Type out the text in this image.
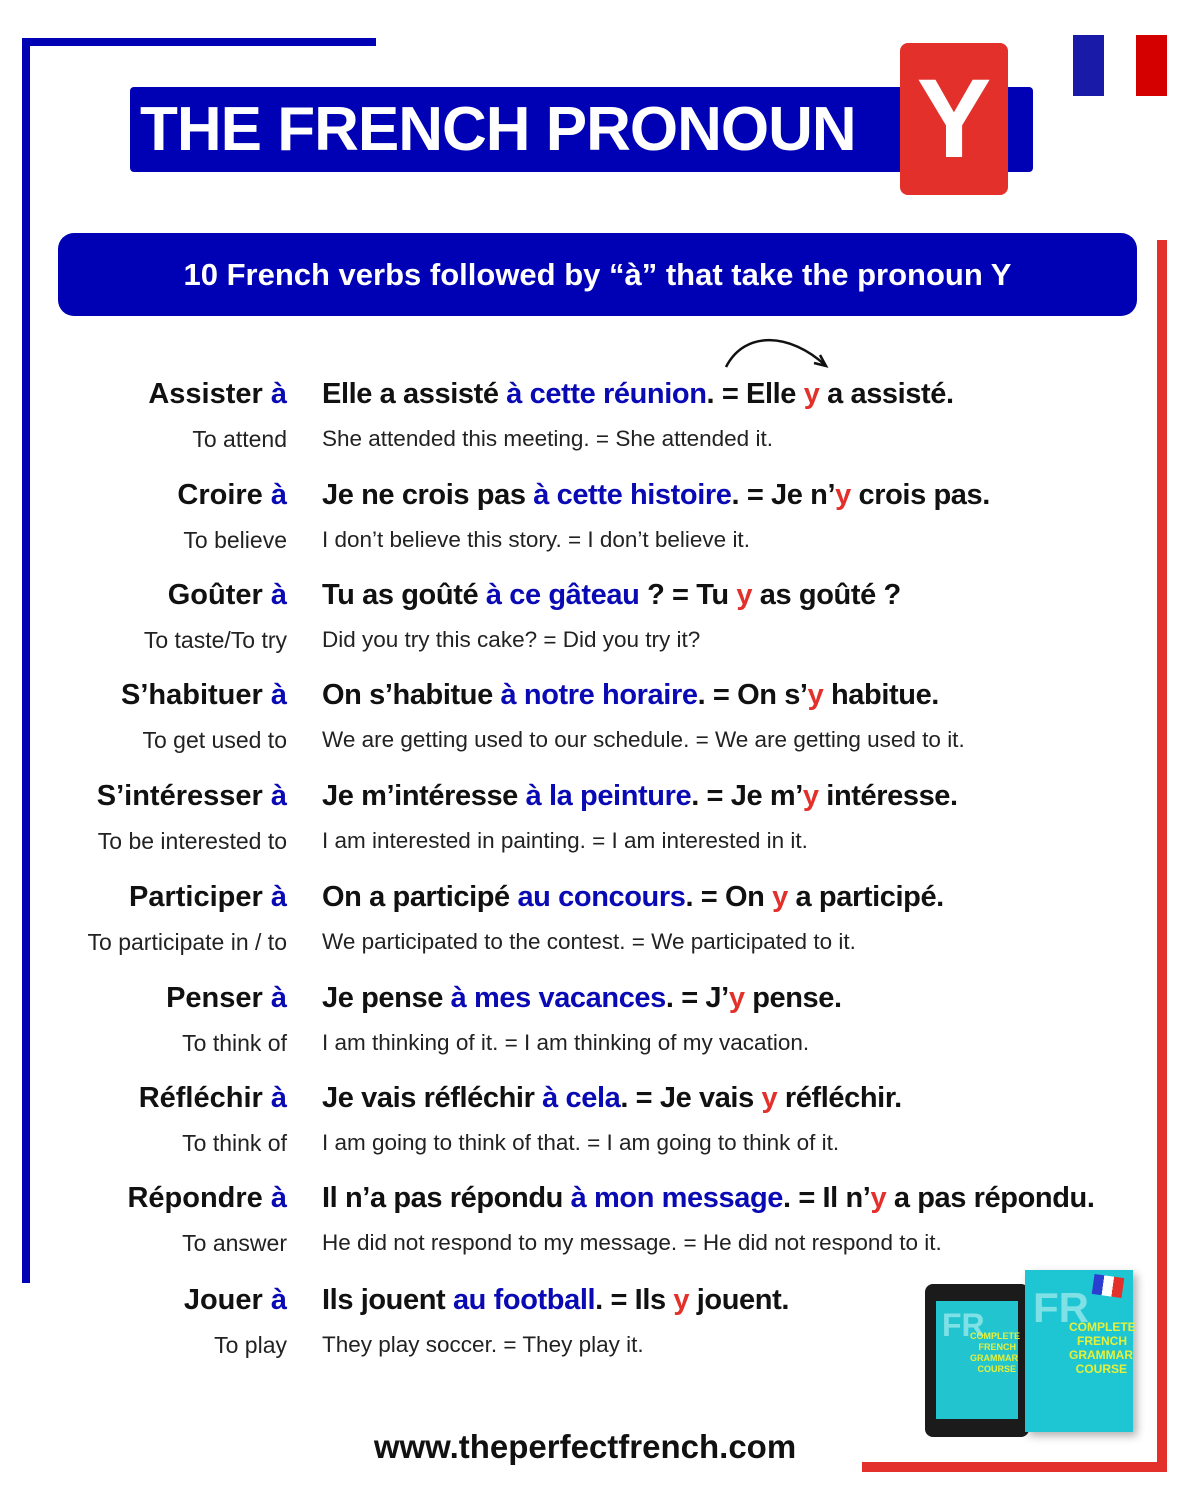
THE FRENCH PRONOUN Y
10 French verbs followed by “à” that take the pronoun Y
Assister à
To attend
Elle a assisté à cette réunion. = Elle y a assisté.
She attended this meeting. = She attended it.
Croire à
To believe
Je ne crois pas à cette histoire. = Je n’y crois pas.
I don’t believe this story. = I don’t believe it.
Goûter à
To taste/To try
Tu as goûté à ce gâteau ? = Tu y as goûté ?
Did you try this cake? = Did you try it?
S’habituer à
To get used to
On s’habitue à notre horaire. = On s’y habitue.
We are getting used to our schedule. = We are getting used to it.
S’intéresser à
To be interested to
Je m’intéresse à la peinture. = Je m’y intéresse.
I am interested in painting. = I am interested in it.
Participer à
To participate in / to
On a participé au concours. = On y a participé.
We participated to the contest. = We participated to it.
Penser à
To think of
Je pense à mes vacances. = J’y pense.
I am thinking of it. = I am thinking of my vacation.
Réfléchir à
To think of
Je vais réfléchir à cela. = Je vais y réfléchir.
I am going to think of that. = I am going to think of it.
Répondre à
To answer
Il n’a pas répondu à mon message. = Il n’y a pas répondu.
He did not respond to my message. = He did not respond to it.
Jouer à
To play
Ils jouent au football. = Ils y jouent.
They play soccer. = They play it.
FR
COMPLETE FRENCH GRAMMAR COURSE
FR
COMPLETE FRENCH GRAMMAR COURSE
www.theperfectfrench.com
